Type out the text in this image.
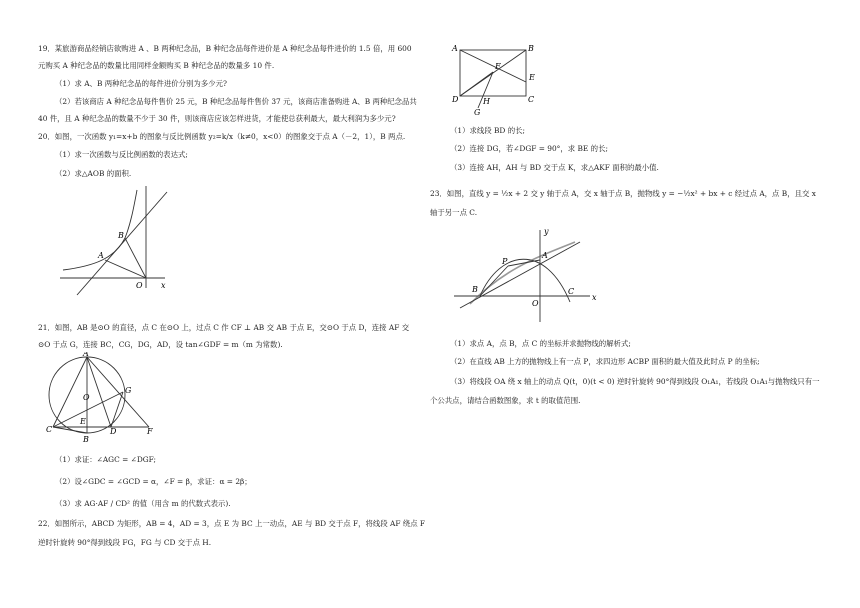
19．某旅游商品经销店欲购进 A 、B 两种纪念品，B 种纪念品每件进价是 A 种纪念品每件进价的 1.5 倍，用 600
元购买 A 种纪念品的数量比用同样金额购买 B 种纪念品的数量多 10 件.
（1）求 A、B 两种纪念品的每件进价分别为多少元?
（2）若该商店 A 种纪念品每件售价 25 元，B 种纪念品每件售价 37 元，该商店准备购进 A、B 两种纪念品共
40 件，且 A 种纪念品的数量不少于 30 件，则该商店应该怎样进货，才能使总获利最大，最大利润为多少元?
20．如图，一次函数 y₁=x+b 的图象与反比例函数 y₂=k/x（k≠0，x<0）的图象交于点 A（－2，1），B 两点.
（1）求一次函数与反比例函数的表达式;
（2）求△AOB 的面积.
A
B
O x
21．如图，AB 是⊙O 的直径，点 C 在⊙O 上，过点 C 作 CF ⊥ AB 交 AB 于点 E，交⊙O 于点 D，连接 AF 交
⊙O 于点 G，连接 BC，CG，DG，AD，设 tan∠GDF = m（m 为常数).
A
O
G
E
C	D	F
B
（1）求证：∠AGC = ∠DGF;
（2）设∠GDC = ∠GCD = α，∠F = β，求证：α = 2β；
（3）求 AG·AF / CD² 的值（用含 m 的代数式表示).
22．如图所示，ABCD 为矩形，AB = 4，AD = 3，点 E 为 BC 上一动点，AE 与 BD 交于点 F，将线段 AF 绕点 F
逆时针旋转 90°得到线段 FG，FG 与 CD 交于点 H.
A	B
F
E
D	H	C
G
（1）求线段 BD 的长;
（2）连接 DG，若∠DGF = 90°，求 BE 的长;
（3）连接 AH，AH 与 BD 交于点 K，求△AKF 面积的最小值.
23．如图，直线 y = ½x + 2 交 y 轴于点 A，交 x 轴于点 B，抛物线 y = −½x² + bx + c 经过点 A，点 B，且交 x
轴于另一点 C.
P
A
y
B
O
C
x
（1）求点 A，点 B，点 C 的坐标并求抛物线的解析式;
（2）在直线 AB 上方的抛物线上有一点 P，求四边形 ACBP 面积的最大值及此时点 P 的坐标;
（3）将线段 OA 绕 x 轴上的动点 Q(t，0)(t < 0) 逆时针旋转 90°得到线段 O₁A₁，若线段 O₁A₁与抛物线只有一
个公共点，请结合函数图象，求 t 的取值范围.
